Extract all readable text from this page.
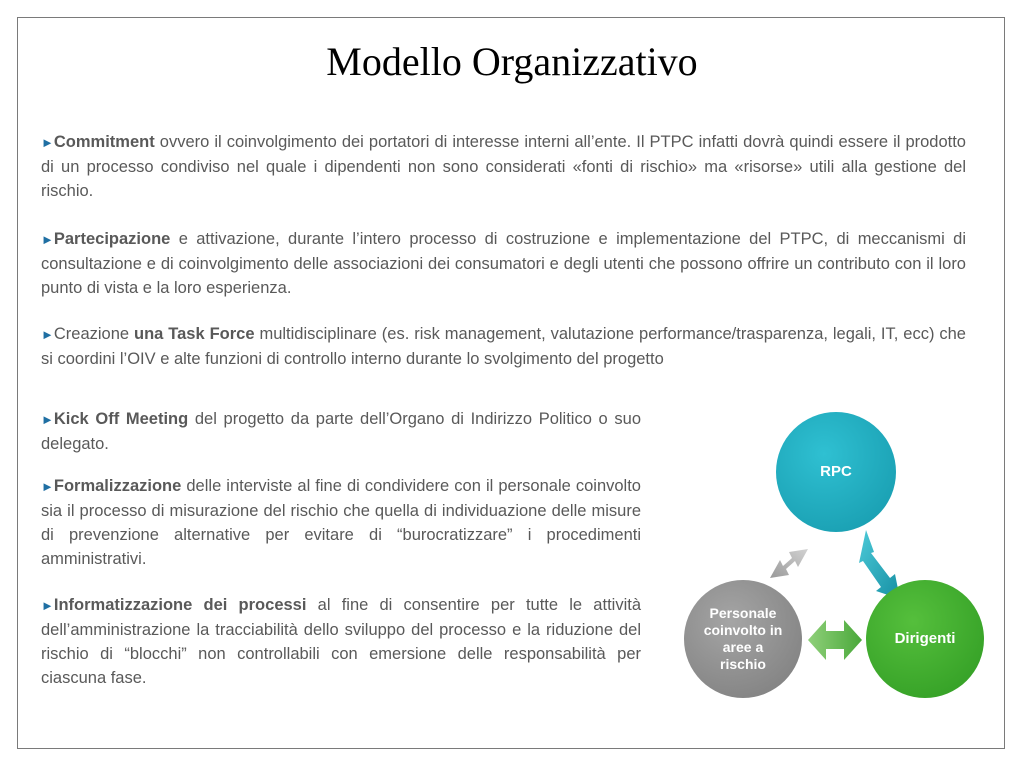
Modello Organizzativo

►Commitment ovvero il coinvolgimento dei portatori di interesse interni all’ente. Il PTPC infatti dovrà quindi essere il prodotto di un processo condiviso nel quale i dipendenti non sono considerati «fonti di rischio» ma «risorse» utili alla gestione del rischio.

►Partecipazione e attivazione, durante l’intero processo di costruzione e implementazione del PTPC, di meccanismi di consultazione e di coinvolgimento delle associazioni dei consumatori e degli utenti che possono offrire un contributo con il loro punto di vista e la loro esperienza.

►Creazione una Task Force multidisciplinare (es. risk management, valutazione performance/trasparenza, legali, IT, ecc) che si coordini l’OIV e alte funzioni di controllo interno durante lo svolgimento del progetto

►Kick Off Meeting del progetto da parte dell’Organo di Indirizzo Politico o suo delegato.

►Formalizzazione delle interviste al fine di condividere con il personale coinvolto sia il processo di misurazione del rischio che quella di individuazione delle misure di prevenzione alternative per evitare di “burocratizzare” i procedimenti amministrativi.

►Informatizzazione dei processi al fine di consentire per tutte le attività dell’amministrazione la tracciabilità dello sviluppo del processo e la riduzione del rischio di “blocchi” non controllabili con emersione delle responsabilità per ciascuna fase.

RPC
Dirigenti
Personale coinvolto in aree a rischio
